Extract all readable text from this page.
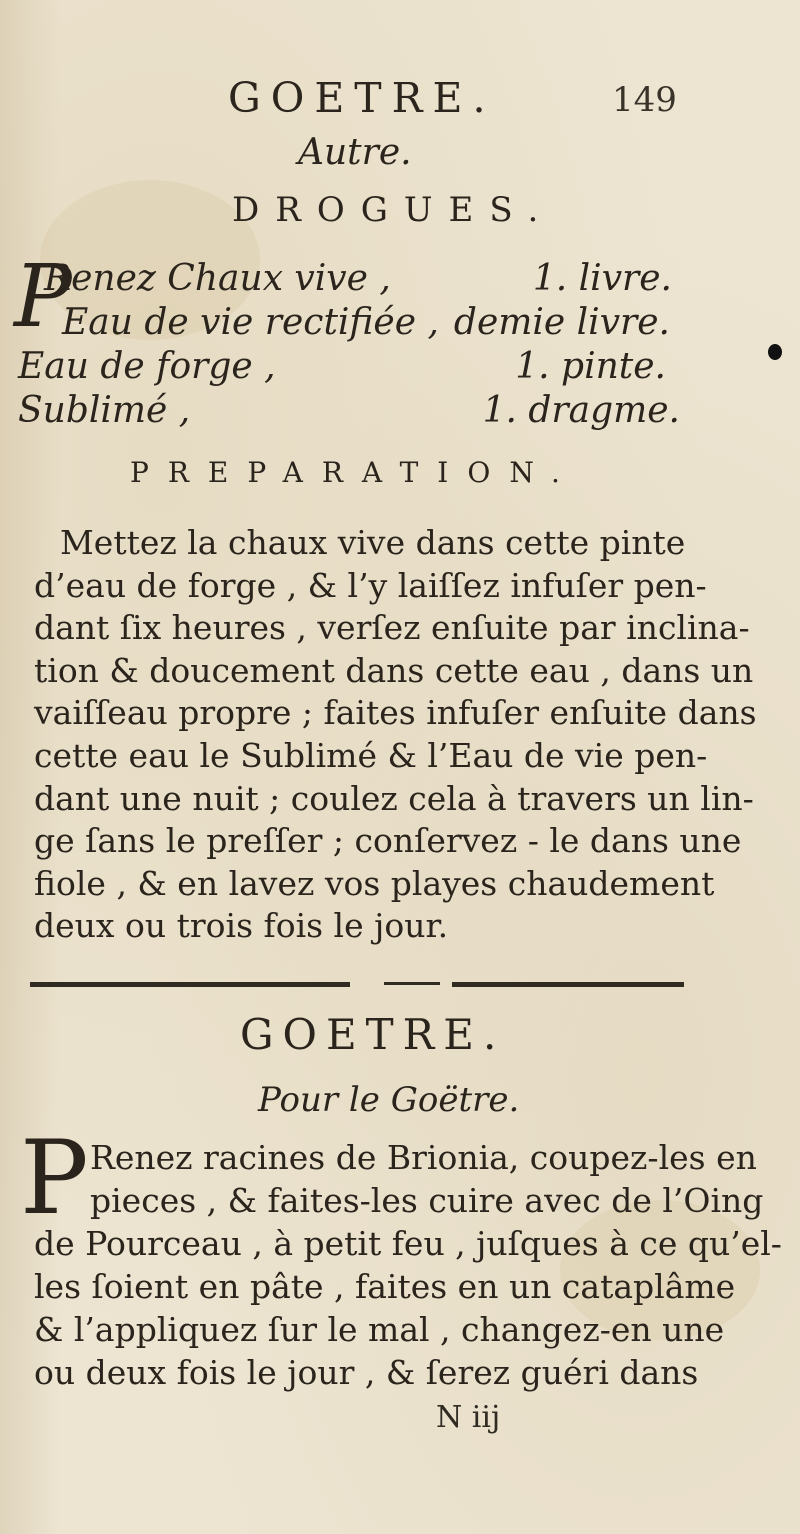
GOETRE.	149
Autre.
DROGUES.
P
Renez Chaux vive ,	1. livre.
Eau de vie rectifiée , demie livre.
Eau de forge ,	1. pinte.
Sublimé ,	1. dragme.
PREPARATION.
Mettez la chaux vive dans cette pinte
d’eau de forge , & l’y laiſſez infuſer pen-
dant ſix heures , verſez enſuite par inclina-
tion & doucement dans cette eau , dans un
vaiſſeau propre ; faites infuſer enſuite dans
cette eau le Sublimé & l’Eau de vie pen-
dant une nuit ; coulez cela à travers un lin-
ge ſans le preſſer ; conſervez - le dans une
fiole , & en lavez vos playes chaudement
deux ou trois fois le jour.
GOETRE.
Pour le Goëtre.
P Renez racines de Brionia, coupez-les en
pieces , & faites-les cuire avec de l’Oing
de Pourceau , à petit feu , juſques à ce qu’el-
les ſoient en pâte , faites en un cataplâme
& l’appliquez ſur le mal , changez-en une
ou deux fois le jour , & ſerez guéri dans
N iij
